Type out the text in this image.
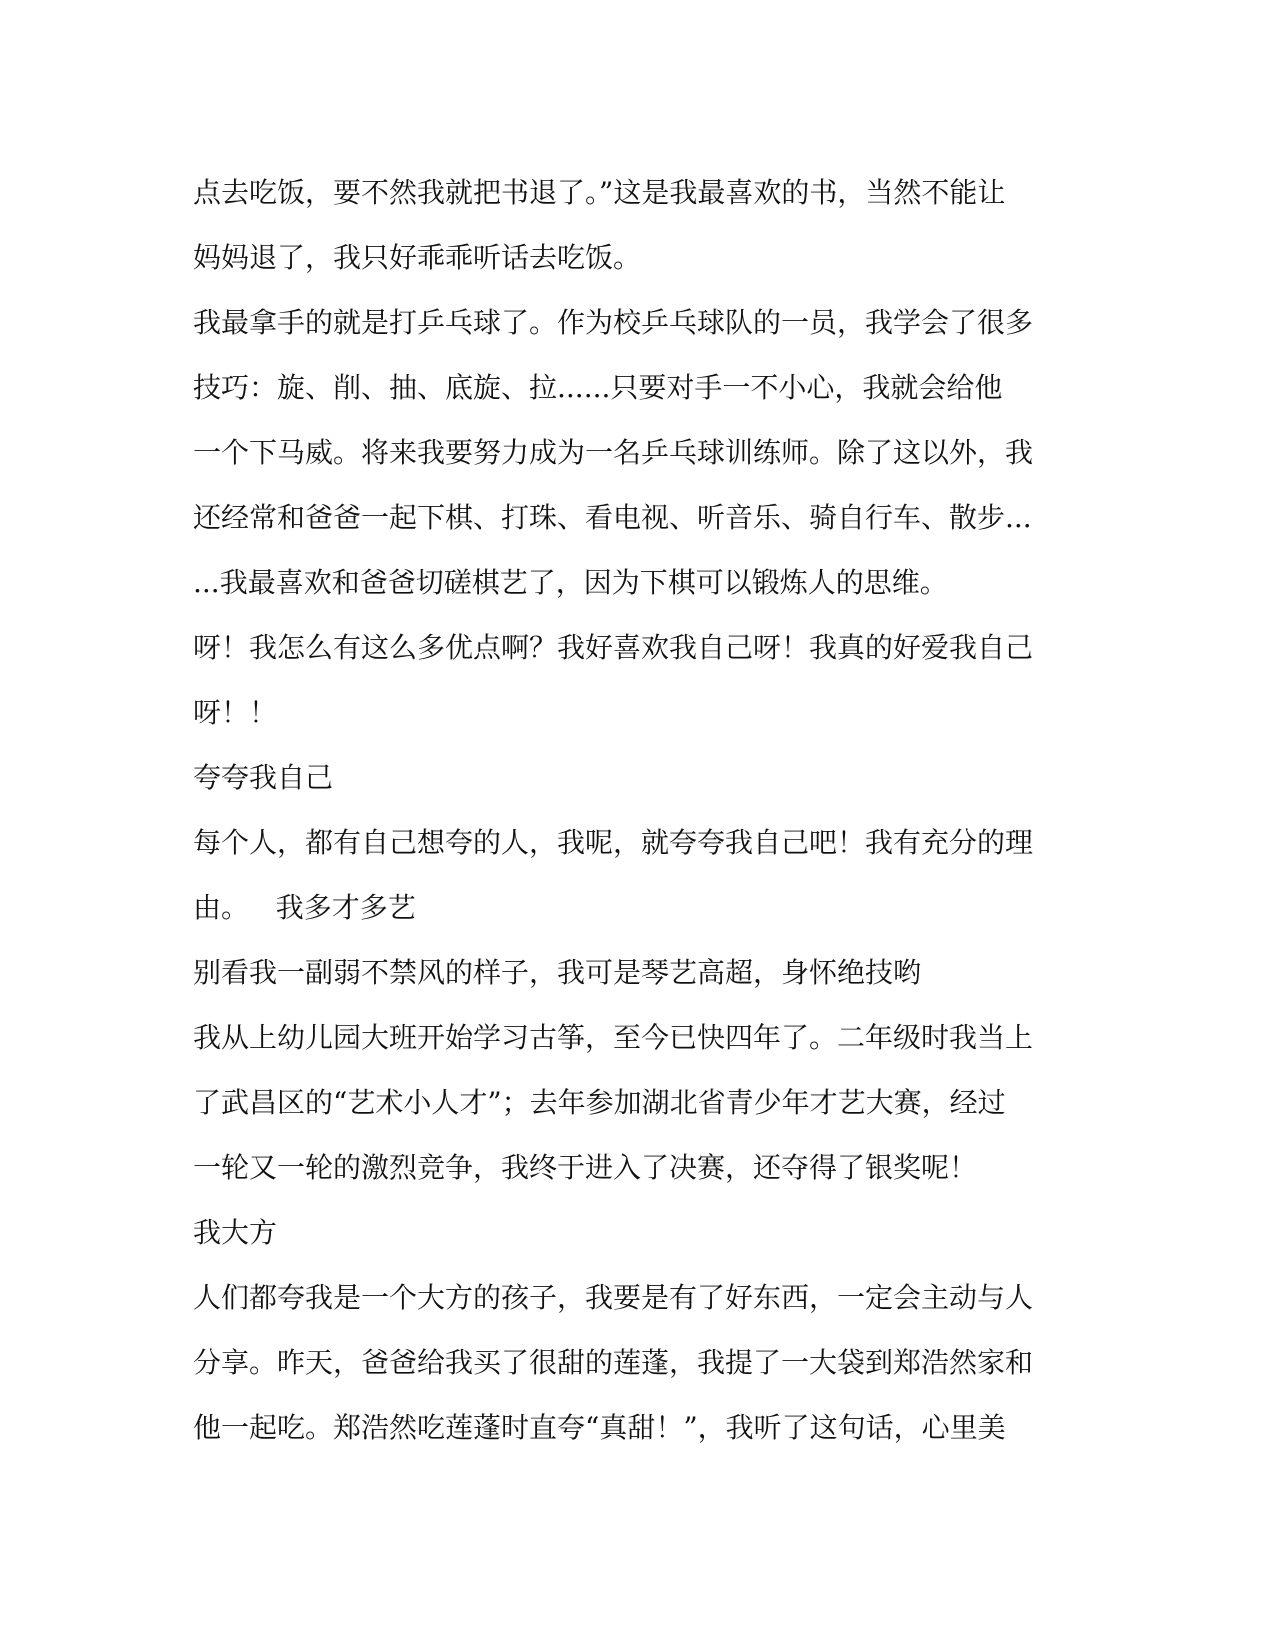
点去吃饭，要不然我就把书退了。”这是我最喜欢的书，当然不能让
妈妈退了，我只好乖乖听话去吃饭。
我最拿手的就是打乒乓球了。作为校乒乓球队的一员，我学会了很多
技巧：旋、削、抽、底旋、拉......只要对手一不小心，我就会给他
一个下马威。将来我要努力成为一名乒乓球训练师。除了这以外，我
还经常和爸爸一起下棋、打珠、看电视、听音乐、骑自行车、散步...
...我最喜欢和爸爸切磋棋艺了，因为下棋可以锻炼人的思维。
呀！我怎么有这么多优点啊？我好喜欢我自己呀！我真的好爱我自己
呀！！
夸夸我自己
每个人，都有自己想夸的人，我呢，就夸夸我自己吧！我有充分的理
由。   我多才多艺
别看我一副弱不禁风的样子，我可是琴艺高超，身怀绝技哟
我从上幼儿园大班开始学习古筝，至今已快四年了。二年级时我当上
了武昌区的“艺术小人才”；去年参加湖北省青少年才艺大赛，经过
一轮又一轮的激烈竞争，我终于进入了决赛，还夺得了银奖呢！
我大方
人们都夸我是一个大方的孩子，我要是有了好东西，一定会主动与人
分享。昨天，爸爸给我买了很甜的莲蓬，我提了一大袋到郑浩然家和
他一起吃。郑浩然吃莲蓬时直夸“真甜！”，我听了这句话，心里美
